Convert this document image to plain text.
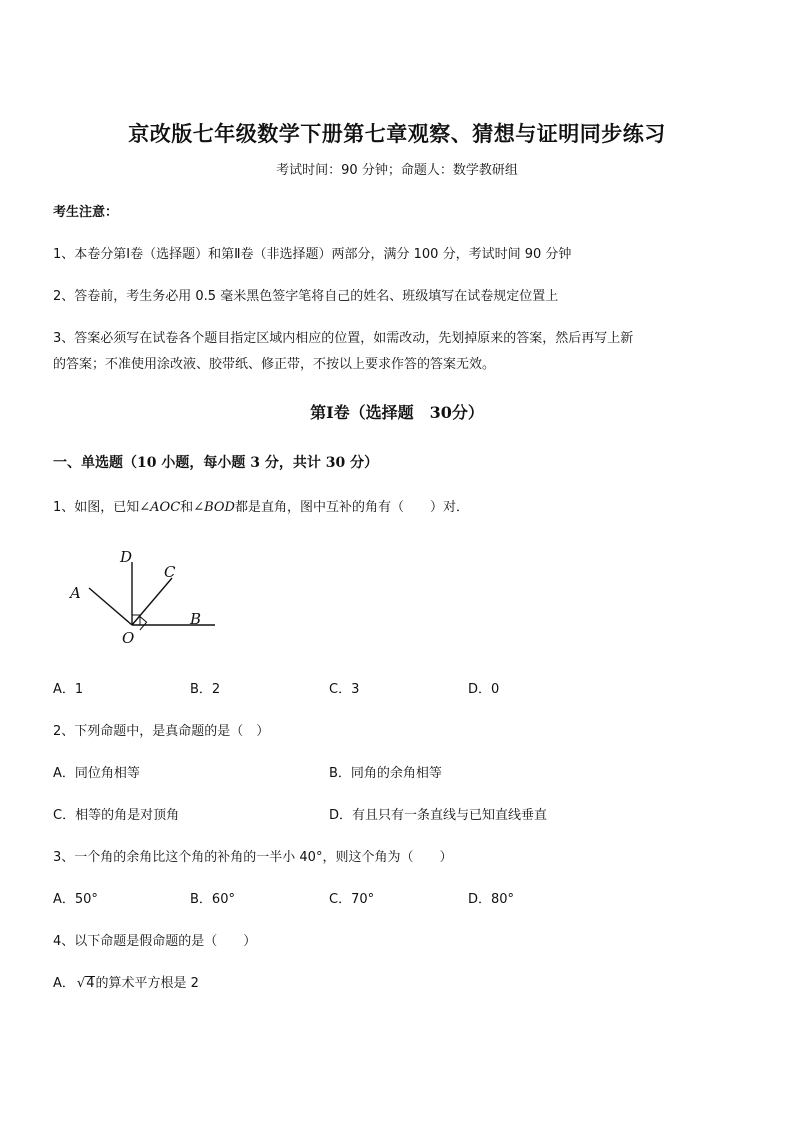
京改版七年级数学下册第七章观察、猜想与证明同步练习
考试时间：90 分钟；命题人：数学教研组
考生注意：
1、本卷分第Ⅰ卷（选择题）和第Ⅱ卷（非选择题）两部分，满分 100 分，考试时间 90 分钟
2、答卷前，考生务必用 0.5 毫米黑色签字笔将自己的姓名、班级填写在试卷规定位置上
3、答案必须写在试卷各个题目指定区域内相应的位置，如需改动，先划掉原来的答案，然后再写上新
的答案；不准使用涂改液、胶带纸、修正带，不按以上要求作答的答案无效。
第Ⅰ卷（选择题　30分）
一、单选题（10 小题，每小题 3 分，共计 30 分）
1、如图，已知∠AOC和∠BOD都是直角，图中互补的角有（　　）对．
D
C
A
B
O
A．1	B．2	C．3	D．0
2、下列命题中，是真命题的是（　）
A．同位角相等	B．同角的余角相等
C．相等的角是对顶角	D．有且只有一条直线与已知直线垂直
3、一个角的余角比这个角的补角的一半小 40°，则这个角为（　　）
A．50°	B．60°	C．70°	D．80°
4、以下命题是假命题的是（　　）
A． √4的算术平方根是 2
